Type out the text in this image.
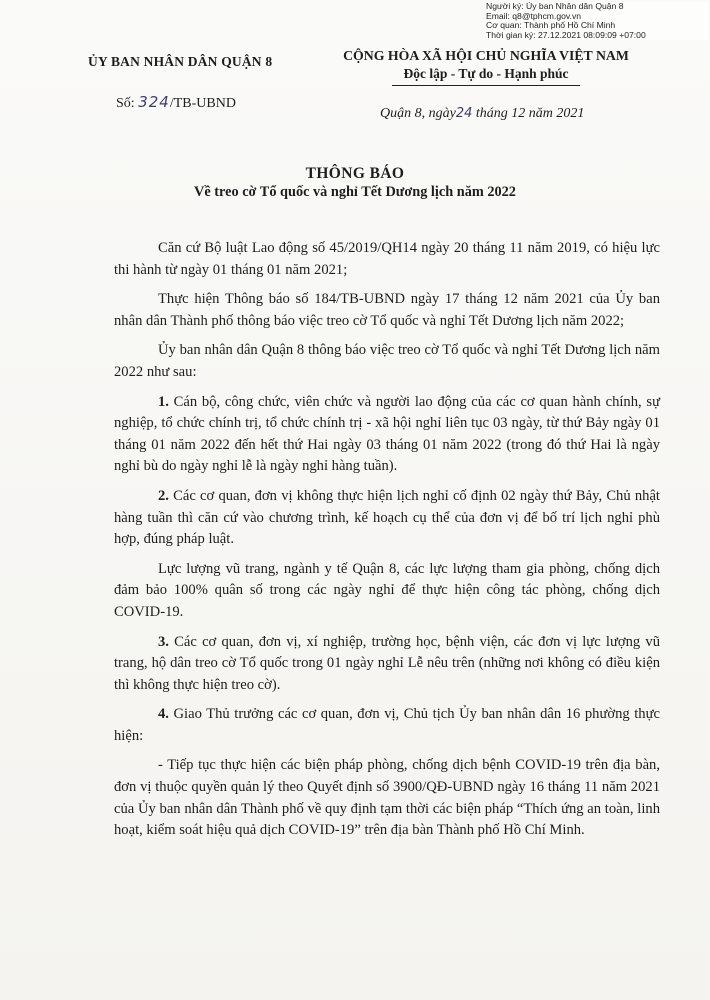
Người ký: Ủy ban Nhân dân Quận 8
Email: q8@tphcm.gov.vn
Cơ quan: Thành phố Hồ Chí Minh
Thời gian ký: 27.12.2021 08:09:09 +07:00
ỦY BAN NHÂN DÂN QUẬN 8	CỘNG HÒA XÃ HỘI CHỦ NGHĨA VIỆT NAM
Độc lập - Tự do - Hạnh phúc
Số: 324/TB-UBND
Quận 8, ngày24 tháng 12 năm 2021
THÔNG BÁO
Về treo cờ Tổ quốc và nghỉ Tết Dương lịch năm 2022

Căn cứ Bộ luật Lao động số 45/2019/QH14 ngày 20 tháng 11 năm 2019, có hiệu lực thi hành từ ngày 01 tháng 01 năm 2021;

Thực hiện Thông báo số 184/TB-UBND ngày 17 tháng 12 năm 2021 của Ủy ban nhân dân Thành phố thông báo việc treo cờ Tổ quốc và nghỉ Tết Dương lịch năm 2022;

Ủy ban nhân dân Quận 8 thông báo việc treo cờ Tổ quốc và nghỉ Tết Dương lịch năm 2022 như sau:

1. Cán bộ, công chức, viên chức và người lao động của các cơ quan hành chính, sự nghiệp, tổ chức chính trị, tổ chức chính trị - xã hội nghỉ liên tục 03 ngày, từ thứ Bảy ngày 01 tháng 01 năm 2022 đến hết thứ Hai ngày 03 tháng 01 năm 2022 (trong đó thứ Hai là ngày nghỉ bù do ngày nghỉ lễ là ngày nghỉ hàng tuần).

2. Các cơ quan, đơn vị không thực hiện lịch nghỉ cố định 02 ngày thứ Bảy, Chủ nhật hàng tuần thì căn cứ vào chương trình, kế hoạch cụ thể của đơn vị để bố trí lịch nghỉ phù hợp, đúng pháp luật.

Lực lượng vũ trang, ngành y tế Quận 8, các lực lượng tham gia phòng, chống dịch đảm bảo 100% quân số trong các ngày nghỉ để thực hiện công tác phòng, chống dịch COVID-19.

3. Các cơ quan, đơn vị, xí nghiệp, trường học, bệnh viện, các đơn vị lực lượng vũ trang, hộ dân treo cờ Tổ quốc trong 01 ngày nghỉ Lễ nêu trên (những nơi không có điều kiện thì không thực hiện treo cờ).

4. Giao Thủ trưởng các cơ quan, đơn vị, Chủ tịch Ủy ban nhân dân 16 phường thực hiện:

- Tiếp tục thực hiện các biện pháp phòng, chống dịch bệnh COVID-19 trên địa bàn, đơn vị thuộc quyền quản lý theo Quyết định số 3900/QĐ-UBND ngày 16 tháng 11 năm 2021 của Ủy ban nhân dân Thành phố về quy định tạm thời các biện pháp “Thích ứng an toàn, linh hoạt, kiểm soát hiệu quả dịch COVID-19” trên địa bàn Thành phố Hồ Chí Minh.
